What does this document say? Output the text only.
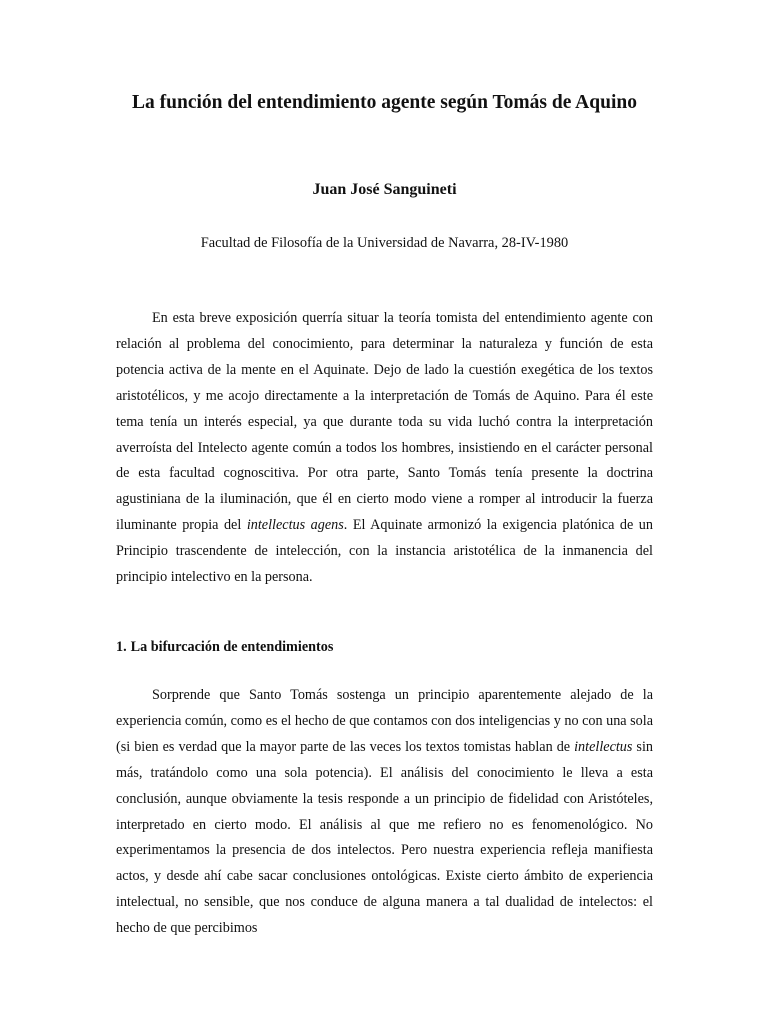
La función del entendimiento agente según Tomás de Aquino
Juan José Sanguineti
Facultad de Filosofía de la Universidad de Navarra, 28-IV-1980

En esta breve exposición querría situar la teoría tomista del entendimiento agente con relación al problema del conocimiento, para determinar la naturaleza y función de esta potencia activa de la mente en el Aquinate. Dejo de lado la cuestión exegética de los textos aristotélicos, y me acojo directamente a la interpretación de Tomás de Aquino. Para él este tema tenía un interés especial, ya que durante toda su vida luchó contra la interpretación averroísta del Intelecto agente común a todos los hombres, insistiendo en el carácter personal de esta facultad cognoscitiva. Por otra parte, Santo Tomás tenía presente la doctrina agustiniana de la iluminación, que él en cierto modo viene a romper al introducir la fuerza iluminante propia del intellectus agens. El Aquinate armonizó la exigencia platónica de un Principio trascendente de intelección, con la instancia aristotélica de la inmanencia del principio intelectivo en la persona.

1. La bifurcación de entendimientos

Sorprende que Santo Tomás sostenga un principio aparentemente alejado de la experiencia común, como es el hecho de que contamos con dos inteligencias y no con una sola (si bien es verdad que la mayor parte de las veces los textos tomistas hablan de intellectus sin más, tratándolo como una sola potencia). El análisis del conocimiento le lleva a esta conclusión, aunque obviamente la tesis responde a un principio de fidelidad con Aristóteles, interpretado en cierto modo. El análisis al que me refiero no es fenomenológico. No experimentamos la presencia de dos intelectos. Pero nuestra experiencia refleja manifiesta actos, y desde ahí cabe sacar conclusiones ontológicas. Existe cierto ámbito de experiencia intelectual, no sensible, que nos conduce de alguna manera a tal dualidad de intelectos: el hecho de que percibimos
